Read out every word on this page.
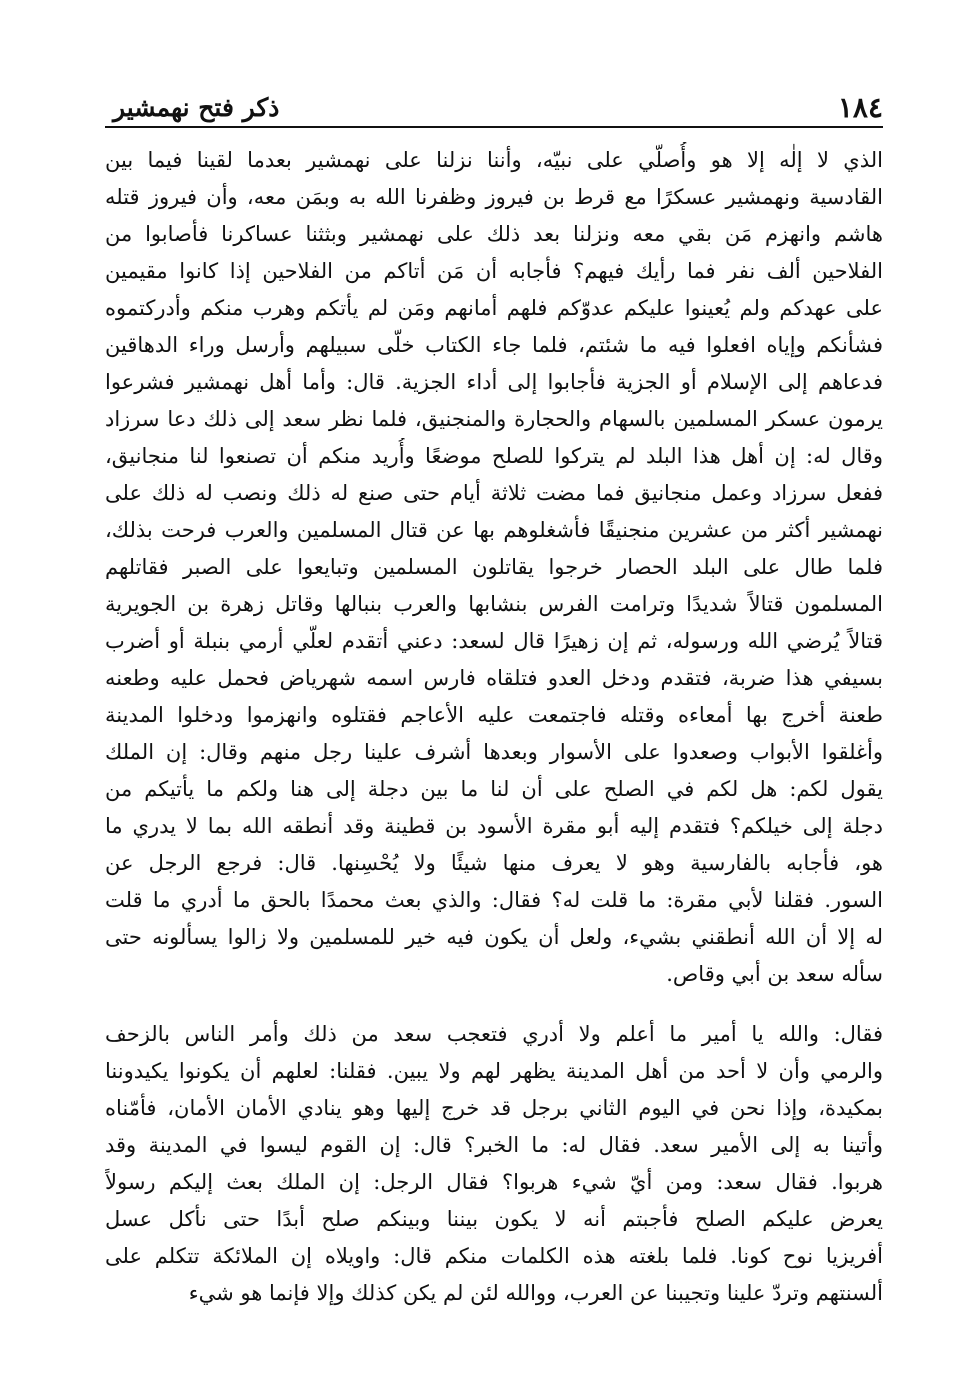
١٨٤
ذكر فتح نهمشير
الذي لا إلٰه إلا هو وأُصلّي على نبيّه، وأننا نزلنا على نهمشير بعدما لقينا فيما بين
القادسية ونهمشير عسكرًا مع قرط بن فيروز وظفرنا الله به وبمَن معه، وأن فيروز قتله
هاشم وانهزم مَن بقي معه ونزلنا بعد ذلك على نهمشير وبثثنا عساكرنا فأصابوا من
الفلاحين ألف نفر فما رأيك فيهم؟ فأجابه أن مَن أتاكم من الفلاحين إذا كانوا مقيمين
على عهدكم ولم يُعينوا عليكم عدوّكم فلهم أمانهم ومَن لم يأتكم وهرب منكم وأدركتموه
فشأنكم وإياه افعلوا فيه ما شئتم، فلما جاء الكتاب خلّى سبيلهم وأرسل وراء الدهاقين
فدعاهم إلى الإسلام أو الجزية فأجابوا إلى أداء الجزية. قال: وأما أهل نهمشير فشرعوا
يرمون عسكر المسلمين بالسهام والحجارة والمنجنيق، فلما نظر سعد إلى ذلك دعا سرزاد
وقال له: إن أهل هذا البلد لم يتركوا للصلح موضعًا وأُريد منكم أن تصنعوا لنا منجانيق،
ففعل سرزاد وعمل منجانيق فما مضت ثلاثة أيام حتى صنع له ذلك ونصب له ذلك على
نهمشير أكثر من عشرين منجنيقًا فأشغلوهم بها عن قتال المسلمين والعرب فرحت بذلك،
فلما طال على البلد الحصار خرجوا يقاتلون المسلمين وتبايعوا على الصبر فقاتلهم
المسلمون قتالاً شديدًا وترامت الفرس بنشابها والعرب بنبالها وقاتل زهرة بن الجويرية
قتالاً يُرضي الله ورسوله، ثم إن زهيرًا قال لسعد: دعني أتقدم لعلّي أرمي بنبلة أو أضرب
بسيفي هذا ضربة، فتقدم ودخل العدو فتلقاه فارس اسمه شهرياض فحمل عليه وطعنه
طعنة أخرج بها أمعاءه وقتله فاجتمعت عليه الأعاجم فقتلوه وانهزموا ودخلوا المدينة
وأغلقوا الأبواب وصعدوا على الأسوار وبعدها أشرف علينا رجل منهم وقال: إن الملك
يقول لكم: هل لكم في الصلح على أن لنا ما بين دجلة إلى هنا ولكم ما يأتيكم من
دجلة إلى خيلكم؟ فتقدم إليه أبو مقرة الأسود بن قطينة وقد أنطقه الله بما لا يدري ما
هو، فأجابه بالفارسية وهو لا يعرف منها شيئًا ولا يُحْسِنها. قال: فرجع الرجل عن
السور. فقلنا لأبي مقرة: ما قلت له؟ فقال: والذي بعث محمدًا بالحق ما أدري ما قلت
له إلا أن الله أنطقني بشيء، ولعل أن يكون فيه خير للمسلمين ولا زالوا يسألونه حتى
سأله سعد بن أبي وقاص.
فقال: والله يا أمير ما أعلم ولا أدري فتعجب سعد من ذلك وأمر الناس بالزحف
والرمي وأن لا أحد من أهل المدينة يظهر لهم ولا يبين. فقلنا: لعلهم أن يكونوا يكيدوننا
بمكيدة، وإذا نحن في اليوم الثاني برجل قد خرج إليها وهو ينادي الأمان الأمان، فأمّناه
وأتينا به إلى الأمير سعد. فقال له: ما الخبر؟ قال: إن القوم ليسوا في المدينة وقد
هربوا. فقال سعد: ومن أيّ شيء هربوا؟ فقال الرجل: إن الملك بعث إليكم رسولاً
يعرض عليكم الصلح فأجبتم أنه لا يكون بيننا وبينكم صلح أبدًا حتى نأكل عسل
أفريزيا نوح كونا. فلما بلغته هذه الكلمات منكم قال: واويلاه إن الملائكة تتكلم على
ألسنتهم وتردّ علينا وتجيبنا عن العرب، ووالله لئن لم يكن كذلك وإلا فإنما هو شيء
